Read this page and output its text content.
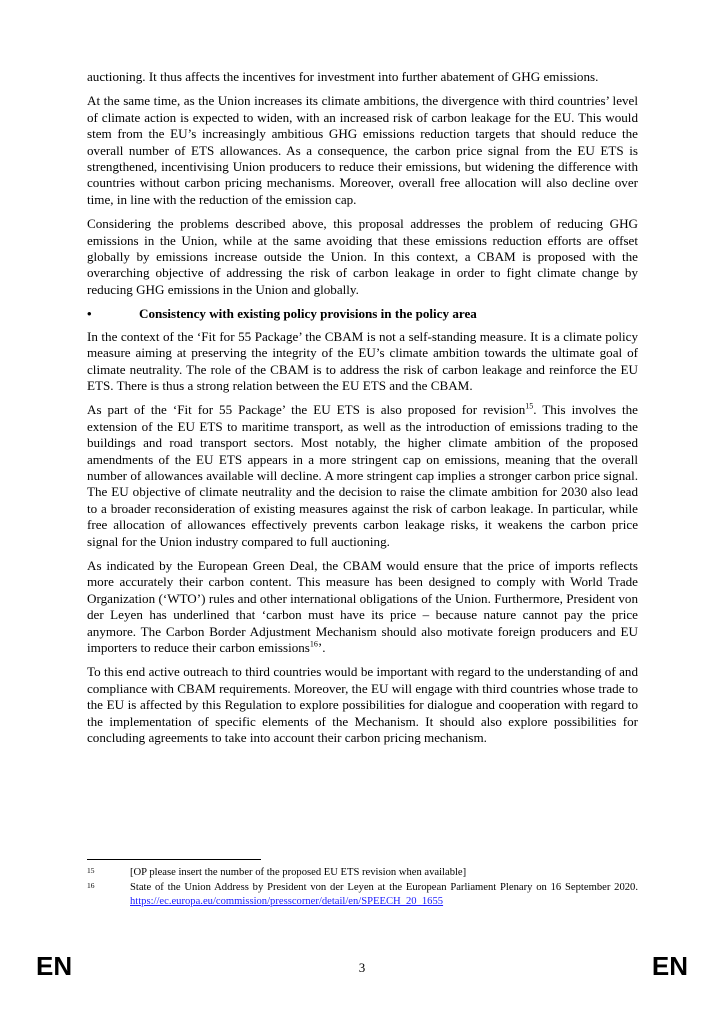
auctioning. It thus affects the incentives for investment into further abatement of GHG emissions.

At the same time, as the Union increases its climate ambitions, the divergence with third countries’ level of climate action is expected to widen, with an increased risk of carbon leakage for the EU. This would stem from the EU’s increasingly ambitious GHG emissions reduction targets that should reduce the overall number of ETS allowances. As a consequence, the carbon price signal from the EU ETS is strengthened, incentivising Union producers to reduce their emissions, but widening the difference with countries without carbon pricing mechanisms. Moreover, overall free allocation will also decline over time, in line with the reduction of the emission cap.

Considering the problems described above, this proposal addresses the problem of reducing GHG emissions in the Union, while at the same avoiding that these emissions reduction efforts are offset globally by emissions increase outside the Union. In this context, a CBAM is proposed with the overarching objective of addressing the risk of carbon leakage in order to fight climate change by reducing GHG emissions in the Union and globally.

•	Consistency with existing policy provisions in the policy area

In the context of the ‘Fit for 55 Package’ the CBAM is not a self-standing measure. It is a climate policy measure aiming at preserving the integrity of the EU’s climate ambition towards the ultimate goal of climate neutrality. The role of the CBAM is to address the risk of carbon leakage and reinforce the EU ETS. There is thus a strong relation between the EU ETS and the CBAM.

As part of the ‘Fit for 55 Package’ the EU ETS is also proposed for revision$^{15}$. This involves the extension of the EU ETS to maritime transport, as well as the introduction of emissions trading to the buildings and road transport sectors. Most notably, the higher climate ambition of the proposed amendments of the EU ETS appears in a more stringent cap on emissions, meaning that the overall number of allowances available will decline. A more stringent cap implies a stronger carbon price signal. The EU objective of climate neutrality and the decision to raise the climate ambition for 2030 also lead to a broader reconsideration of existing measures against the risk of carbon leakage. In particular, while free allocation of allowances effectively prevents carbon leakage risks, it weakens the carbon price signal for the Union industry compared to full auctioning.

As indicated by the European Green Deal, the CBAM would ensure that the price of imports reflects more accurately their carbon content. This measure has been designed to comply with World Trade Organization (‘WTO’) rules and other international obligations of the Union. Furthermore, President von der Leyen has underlined that ‘carbon must have its price – because nature cannot pay the price anymore. The Carbon Border Adjustment Mechanism should also motivate foreign producers and EU importers to reduce their carbon emissions$^{16}$’.

To this end active outreach to third countries would be important with regard to the understanding of and compliance with CBAM requirements. Moreover, the EU will engage with third countries whose trade to the EU is affected by this Regulation to explore possibilities for dialogue and cooperation with regard to the implementation of specific elements of the Mechanism. It should also explore possibilities for concluding agreements to take into account their carbon pricing mechanism.

15	[OP please insert the number of the proposed EU ETS revision when available]
16	State of the Union Address by President von der Leyen at the European Parliament Plenary on 16 September 2020. https://ec.europa.eu/commission/presscorner/detail/en/SPEECH_20_1655
EN	3	EN
